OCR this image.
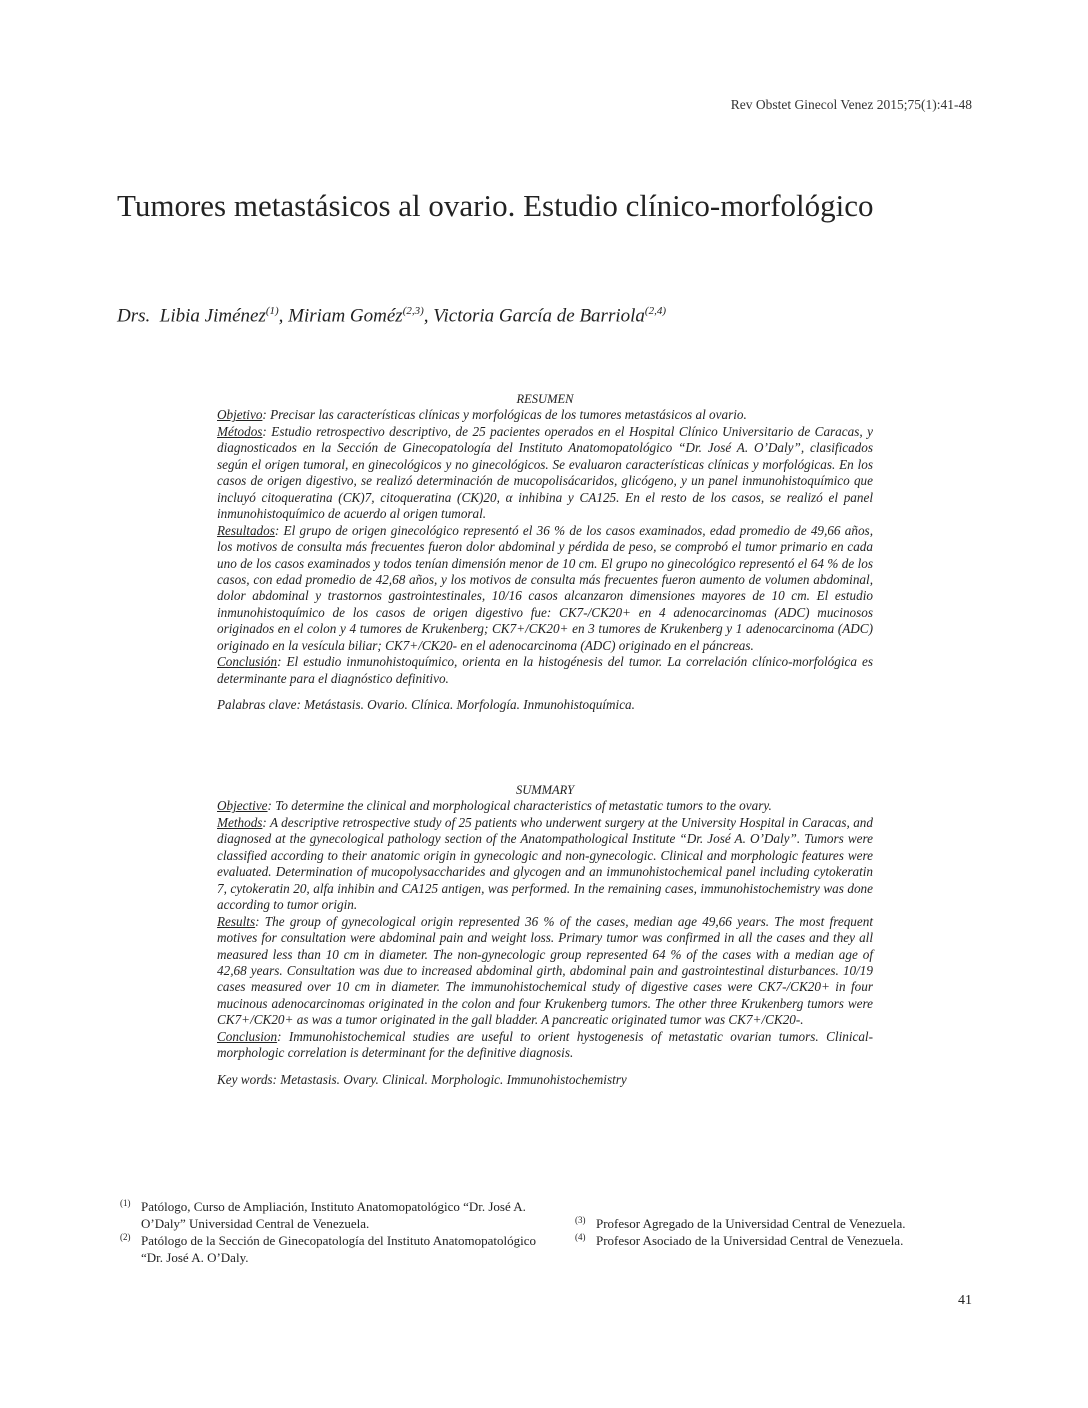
Rev Obstet Ginecol Venez 2015;75(1):41-48
Tumores metastásicos al ovario. Estudio clínico-morfológico
Drs. Libia Jiménez$^{(1)}$, Miriam Goméz$^{(2,3)}$, Victoria García de Barriola$^{(2,4)}$

RESUMEN

Objetivo: Precisar las características clínicas y morfológicas de los tumores metastásicos al ovario.

Métodos: Estudio retrospectivo descriptivo, de 25 pacientes operados en el Hospital Clínico Universitario de Caracas, y diagnosticados en la Sección de Ginecopatología del Instituto Anatomopatológico “Dr. José A. O’Daly”, clasificados según el origen tumoral, en ginecológicos y no ginecológicos. Se evaluaron características clínicas y morfológicas. En los casos de origen digestivo, se realizó determinación de mucopolisácaridos, glicógeno, y un panel inmunohistoquímico que incluyó citoqueratina (CK)7, citoqueratina (CK)20, α inhibina y CA125. En el resto de los casos, se realizó el panel inmunohistoquímico de acuerdo al origen tumoral.

Resultados: El grupo de origen ginecológico representó el 36 % de los casos examinados, edad promedio de 49,66 años, los motivos de consulta más frecuentes fueron dolor abdominal y pérdida de peso, se comprobó el tumor primario en cada uno de los casos examinados y todos tenían dimensión menor de 10 cm. El grupo no ginecológico representó el 64 % de los casos, con edad promedio de 42,68 años, y los motivos de consulta más frecuentes fueron aumento de volumen abdominal, dolor abdominal y trastornos gastrointestinales, 10/16 casos alcanzaron dimensiones mayores de 10 cm. El estudio inmunohistoquímico de los casos de origen digestivo fue: CK7-/CK20+ en 4 adenocarcinomas (ADC) mucinosos originados en el colon y 4 tumores de Krukenberg; CK7+/CK20+ en 3 tumores de Krukenberg y 1 adenocarcinoma (ADC) originado en la vesícula biliar; CK7+/CK20- en el adenocarcinoma (ADC) originado en el páncreas.

Conclusión: El estudio inmunohistoquímico, orienta en la histogénesis del tumor. La correlación clínico-morfológica es determinante para el diagnóstico definitivo.

Palabras clave: Metástasis. Ovario. Clínica. Morfología. Inmunohistoquímica.

SUMMARY

Objective: To determine the clinical and morphological characteristics of metastatic tumors to the ovary.

Methods: A descriptive retrospective study of 25 patients who underwent surgery at the University Hospital in Caracas, and diagnosed at the gynecological pathology section of the Anatompathological Institute “Dr. José A. O’Daly”. Tumors were classified according to their anatomic origin in gynecologic and non-gynecologic. Clinical and morphologic features were evaluated. Determination of mucopolysaccharides and glycogen and an immunohistochemical panel including cytokeratin 7, cytokeratin 20, alfa inhibin and CA125 antigen, was performed. In the remaining cases, immunohistochemistry was done according to tumor origin.

Results: The group of gynecological origin represented 36 % of the cases, median age 49,66 years. The most frequent motives for consultation were abdominal pain and weight loss. Primary tumor was confirmed in all the cases and they all measured less than 10 cm in diameter. The non-gynecologic group represented 64 % of the cases with a median age of 42,68 years. Consultation was due to increased abdominal girth, abdominal pain and gastrointestinal disturbances. 10/19 cases measured over 10 cm in diameter. The immunohistochemical study of digestive cases were CK7-/CK20+ in four mucinous adenocarcinomas originated in the colon and four Krukenberg tumors. The other three Krukenberg tumors were CK7+/CK20+ as was a tumor originated in the gall bladder. A pancreatic originated tumor was CK7+/CK20-.

Conclusion: Immunohistochemical studies are useful to orient hystogenesis of metastatic ovarian tumors. Clinical-morphologic correlation is determinant for the definitive diagnosis.

Key words: Metastasis. Ovary. Clinical. Morphologic. Immunohistochemistry

(1) Patólogo, Curso de Ampliación, Instituto Anatomopatológico “Dr. José A. O’Daly” Universidad Central de Venezuela.

(2) Patólogo de la Sección de Ginecopatología del Instituto Anatomopatológico “Dr. José A. O’Daly.

(3) Profesor Agregado de la Universidad Central de Venezuela.

(4) Profesor Asociado de la Universidad Central de Venezuela.

41
